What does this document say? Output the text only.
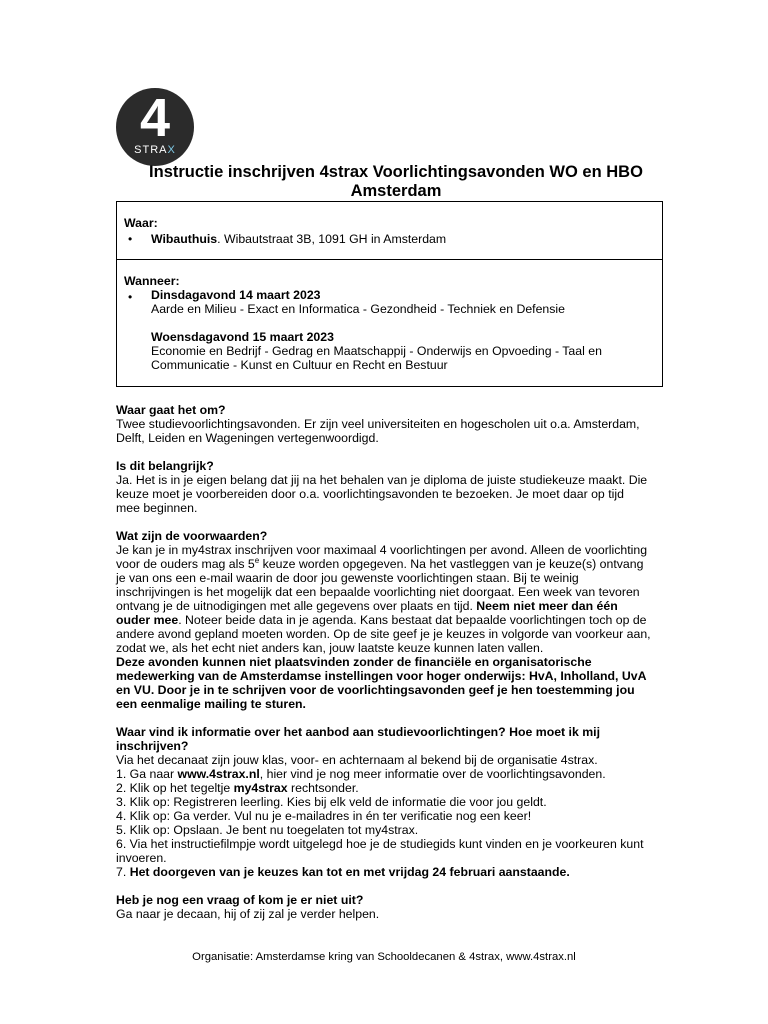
4
STRAX
Instructie inschrijven 4strax Voorlichtingsavonden WO en HBO Amsterdam
Waar:
• Wibauthuis. Wibautstraat 3B, 1091 GH in Amsterdam
Wanneer:
• Dinsdagavond 14 maart 2023
Aarde en Milieu - Exact en Informatica - Gezondheid - Techniek en Defensie
Woensdagavond 15 maart 2023
Economie en Bedrijf - Gedrag en Maatschappij - Onderwijs en Opvoeding - Taal en
Communicatie - Kunst en Cultuur en Recht en Bestuur

Waar gaat het om?

Twee studievoorlichtingsavonden. Er zijn veel universiteiten en hogescholen uit o.a. Amsterdam,

Delft, Leiden en Wageningen vertegenwoordigd.

Is dit belangrijk?

Ja. Het is in je eigen belang dat jij na het behalen van je diploma de juiste studiekeuze maakt. Die

keuze moet je voorbereiden door o.a. voorlichtingsavonden te bezoeken. Je moet daar op tijd

mee beginnen.

Wat zijn de voorwaarden?

Je kan je in my4strax inschrijven voor maximaal 4 voorlichtingen per avond. Alleen de voorlichting

voor de ouders mag als 5e keuze worden opgegeven. Na het vastleggen van je keuze(s) ontvang

je van ons een e-mail waarin de door jou gewenste voorlichtingen staan. Bij te weinig

inschrijvingen is het mogelijk dat een bepaalde voorlichting niet doorgaat. Een week van tevoren

ontvang je de uitnodigingen met alle gegevens over plaats en tijd. Neem niet meer dan één

ouder mee. Noteer beide data in je agenda. Kans bestaat dat bepaalde voorlichtingen toch op de

andere avond gepland moeten worden. Op de site geef je je keuzes in volgorde van voorkeur aan,

zodat we, als het echt niet anders kan, jouw laatste keuze kunnen laten vallen.

Deze avonden kunnen niet plaatsvinden zonder de financiële en organisatorische

medewerking van de Amsterdamse instellingen voor hoger onderwijs: HvA, Inholland, UvA

en VU. Door je in te schrijven voor de voorlichtingsavonden geef je hen toestemming jou

een eenmalige mailing te sturen.

Waar vind ik informatie over het aanbod aan studievoorlichtingen? Hoe moet ik mij

inschrijven?

Via het decanaat zijn jouw klas, voor- en achternaam al bekend bij de organisatie 4strax.

1. Ga naar www.4strax.nl, hier vind je nog meer informatie over de voorlichtingsavonden.

2. Klik op het tegeltje my4strax rechtsonder.

3. Klik op: Registreren leerling. Kies bij elk veld de informatie die voor jou geldt.

4. Klik op: Ga verder. Vul nu je e-mailadres in én ter verificatie nog een keer!

5. Klik op: Opslaan. Je bent nu toegelaten tot my4strax.

6. Via het instructiefilmpje wordt uitgelegd hoe je de studiegids kunt vinden en je voorkeuren kunt

invoeren.

7. Het doorgeven van je keuzes kan tot en met vrijdag 24 februari aanstaande.

Heb je nog een vraag of kom je er niet uit?

Ga naar je decaan, hij of zij zal je verder helpen.

Organisatie: Amsterdamse kring van Schooldecanen & 4strax, www.4strax.nl
